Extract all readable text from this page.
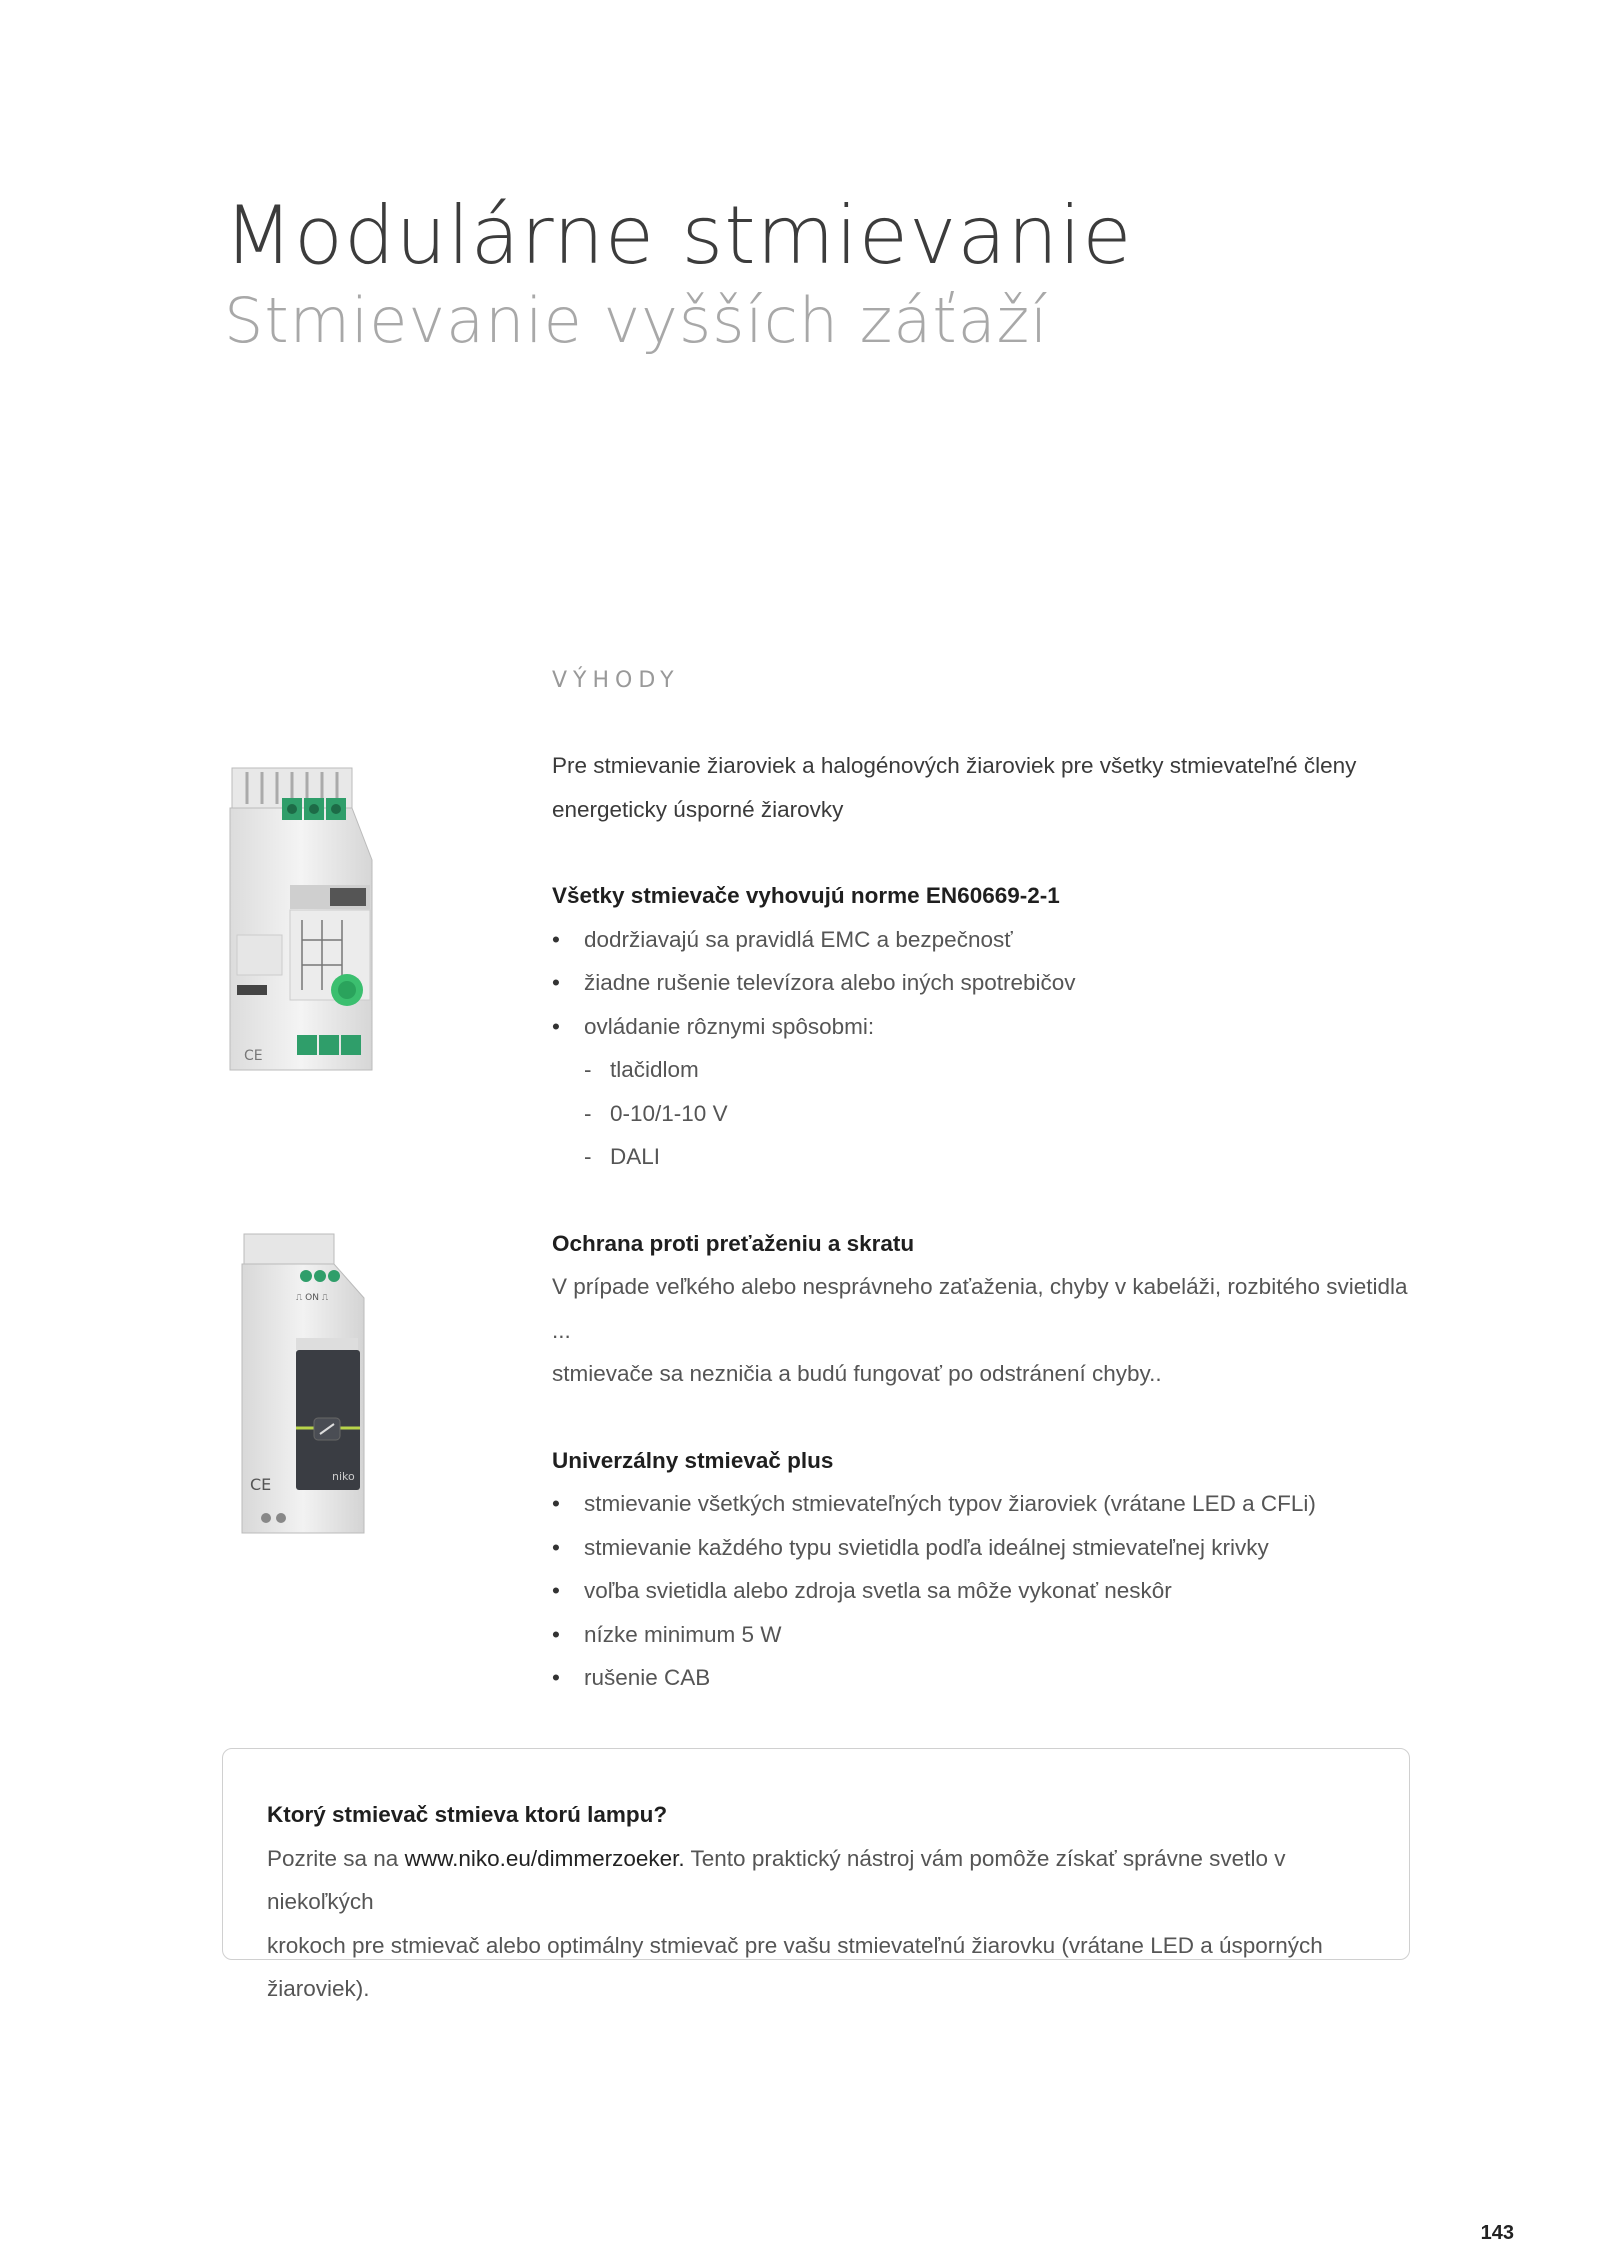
Modulárne stmievanie
Stmievanie vyšších záťaží
VÝHODY
CE
⎍ ON ⎍
niko
CE

Pre stmievanie žiaroviek a halogénových žiaroviek pre všetky stmievateľné členy

energeticky úsporné žiarovky

Všetky stmievače vyhovujú norme EN60669-2-1

• dodržiavajú sa pravidlá EMC a bezpečnosť
• žiadne rušenie televízora alebo iných spotrebičov
• ovládanie rôznymi spôsobmi:
- tlačidlom
- 0-10/1-10 V
- DALI

Ochrana proti preťaženiu a skratu

V prípade veľkého alebo nesprávneho zaťaženia, chyby v kabeláži, rozbitého svietidla ...

stmievače sa nezničia a budú fungovať po odstránení chyby..

Univerzálny stmievač plus

• stmievanie všetkých stmievateľných typov žiaroviek (vrátane LED a CFLi)
• stmievanie každého typu svietidla podľa ideálnej stmievateľnej krivky
• voľba svietidla alebo zdroja svetla sa môže vykonať neskôr
• nízke minimum 5 W
• rušenie CAB

Ktorý stmievač stmieva ktorú lampu?

Pozrite sa na www.niko.eu/dimmerzoeker. Tento praktický nástroj vám pomôže získať správne svetlo v niekoľkých

krokoch pre stmievač alebo optimálny stmievač pre vašu stmievateľnú žiarovku (vrátane LED a úsporných žiaroviek).

143
